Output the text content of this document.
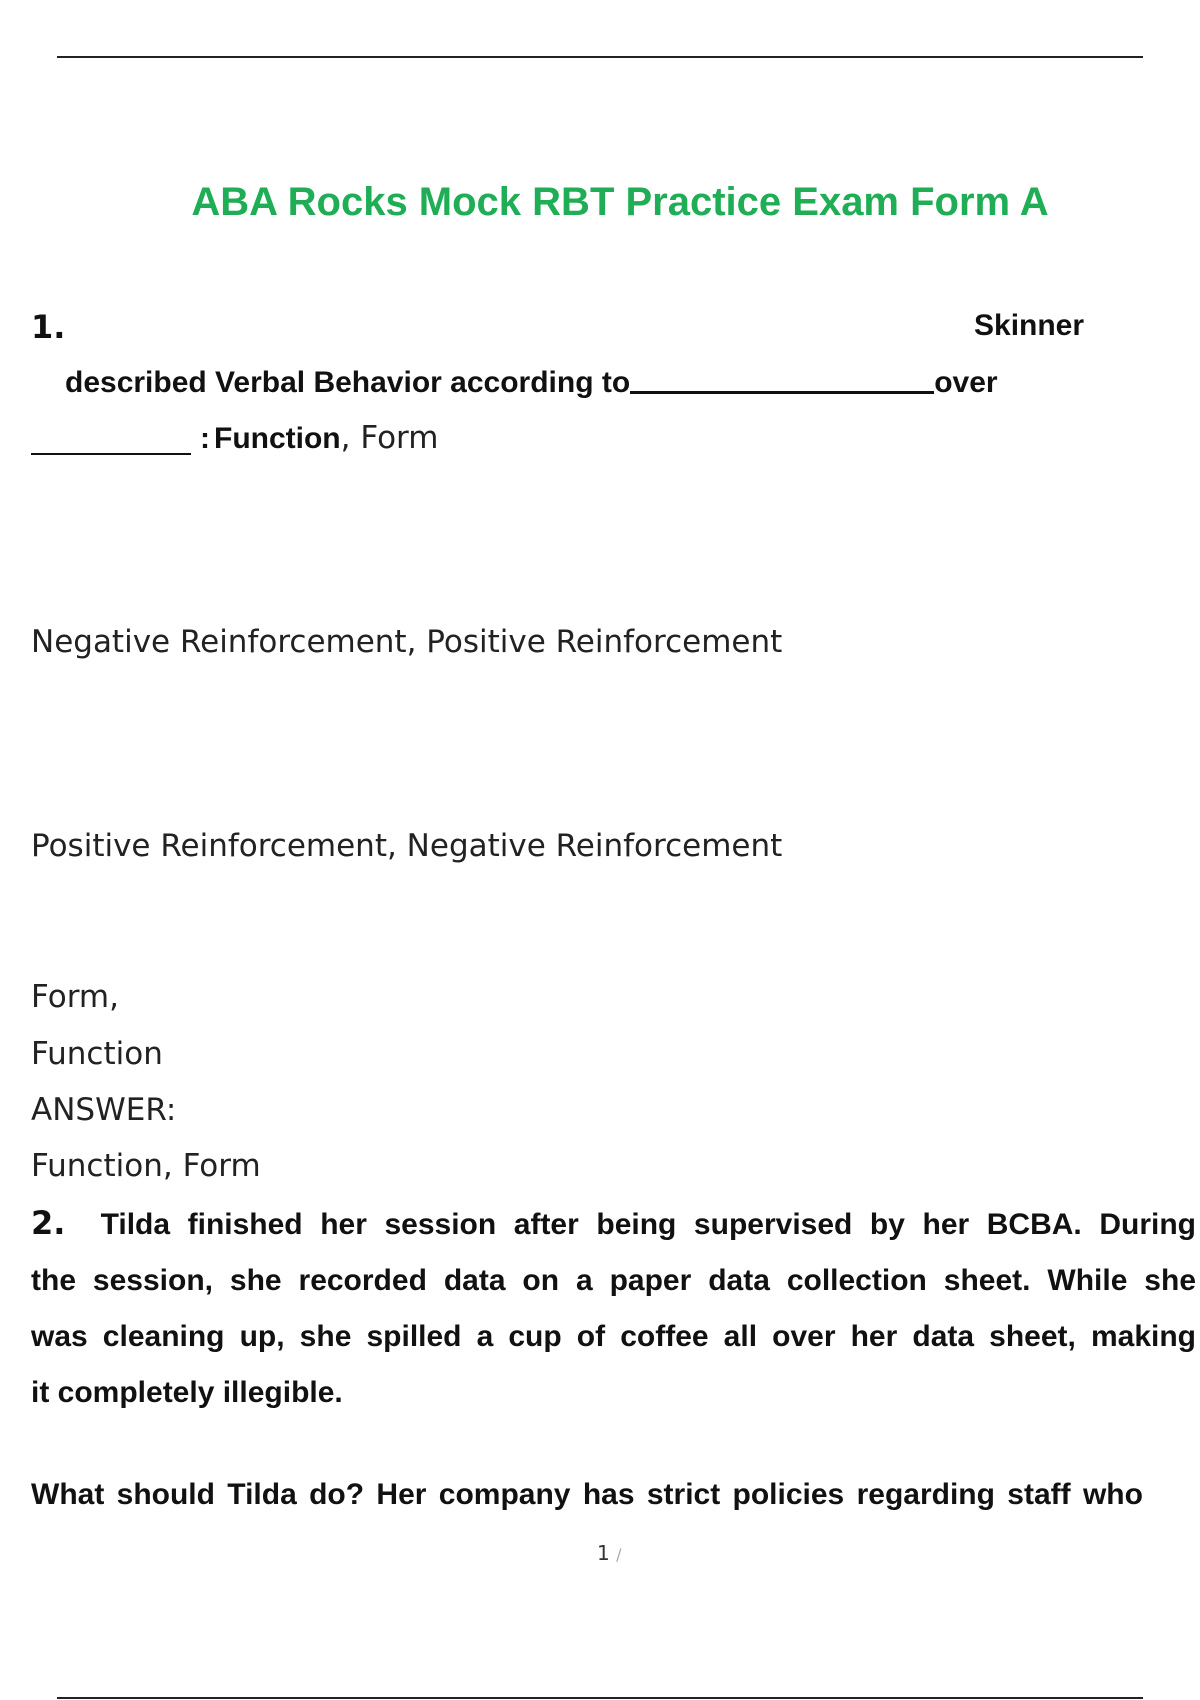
ABA Rocks Mock RBT Practice Exam Form A
1.	Skinner
described Verbal Behavior according to	over
: Function, Form
Negative Reinforcement, Positive Reinforcement
Positive Reinforcement, Negative Reinforcement
Form,
Function
ANSWER:
Function, Form
2. Tilda finished her session after being supervised by her BCBA. During
the session, she recorded data on a paper data collection sheet. While she
was cleaning up, she spilled a cup of coffee all over her data sheet, making
it completely illegible.
What should Tilda do? Her company has strict policies regarding staff who
1 /
